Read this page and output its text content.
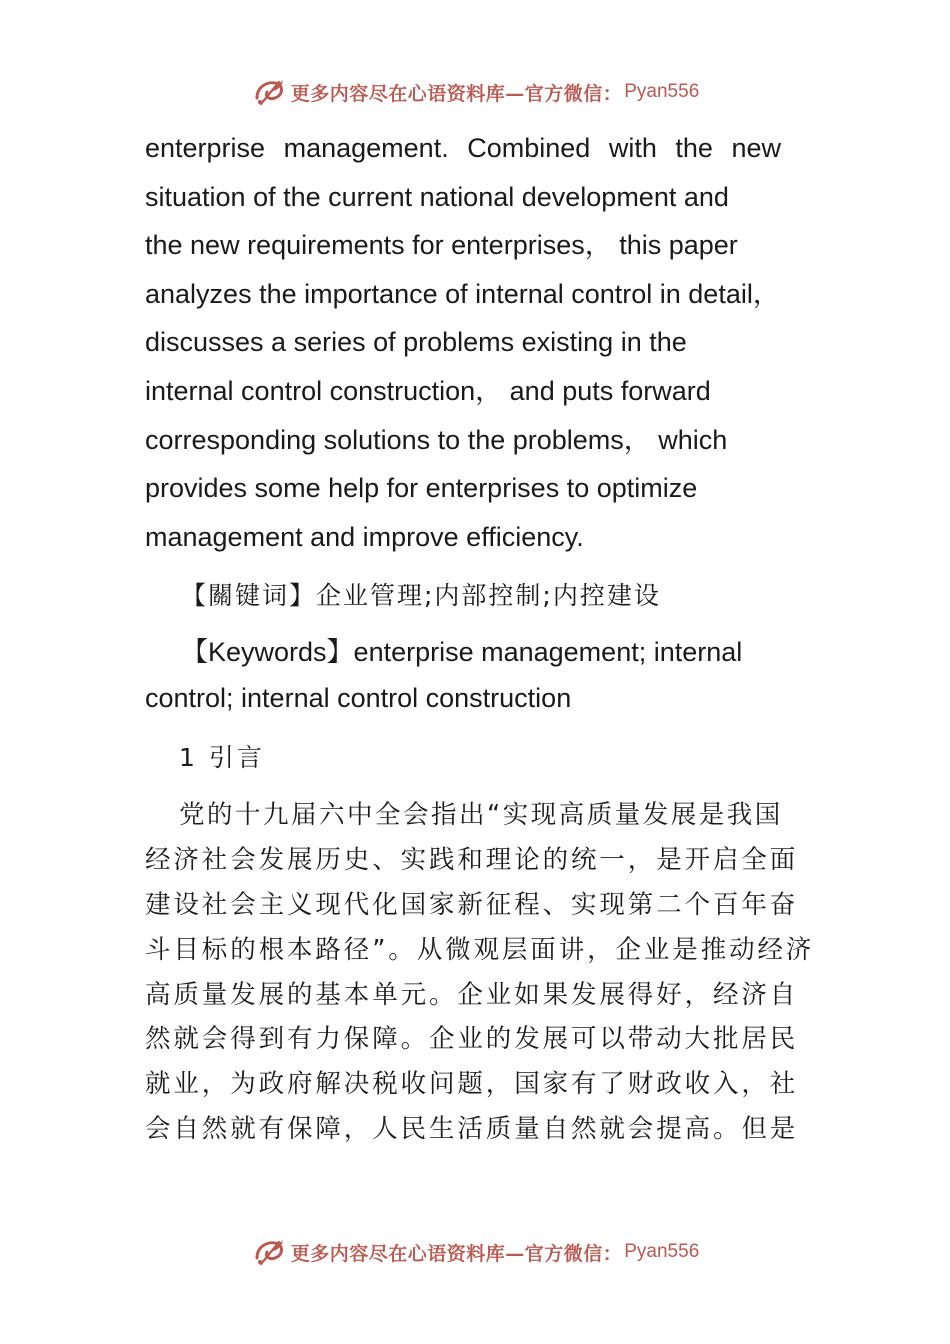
更多内容尽在心语资料库—官方微信： Pyan556
enterprise management. Combined with the new
situation of the current national development and
the new requirements for enterprises， this paper
analyzes the importance of internal control in detail，
discusses a series of problems existing in the
internal control construction， and puts forward
corresponding solutions to the problems， which
provides some help for enterprises to optimize
management and improve efficiency.
【關键词】企业管理;内部控制;内控建设
【Keywords】enterprise management; internal
control; internal control construction
1 引言
党的十九届六中全会指出“实现高质量发展是我国
经济社会发展历史、实践和理论的统一，是开启全面
建设社会主义现代化国家新征程、实现第二个百年奋
斗目标的根本路径”。从微观层面讲，企业是推动经济
高质量发展的基本单元。企业如果发展得好，经济自
然就会得到有力保障。企业的发展可以带动大批居民
就业，为政府解决税收问题，国家有了财政收入，社
会自然就有保障，人民生活质量自然就会提高。但是
更多内容尽在心语资料库—官方微信： Pyan556
